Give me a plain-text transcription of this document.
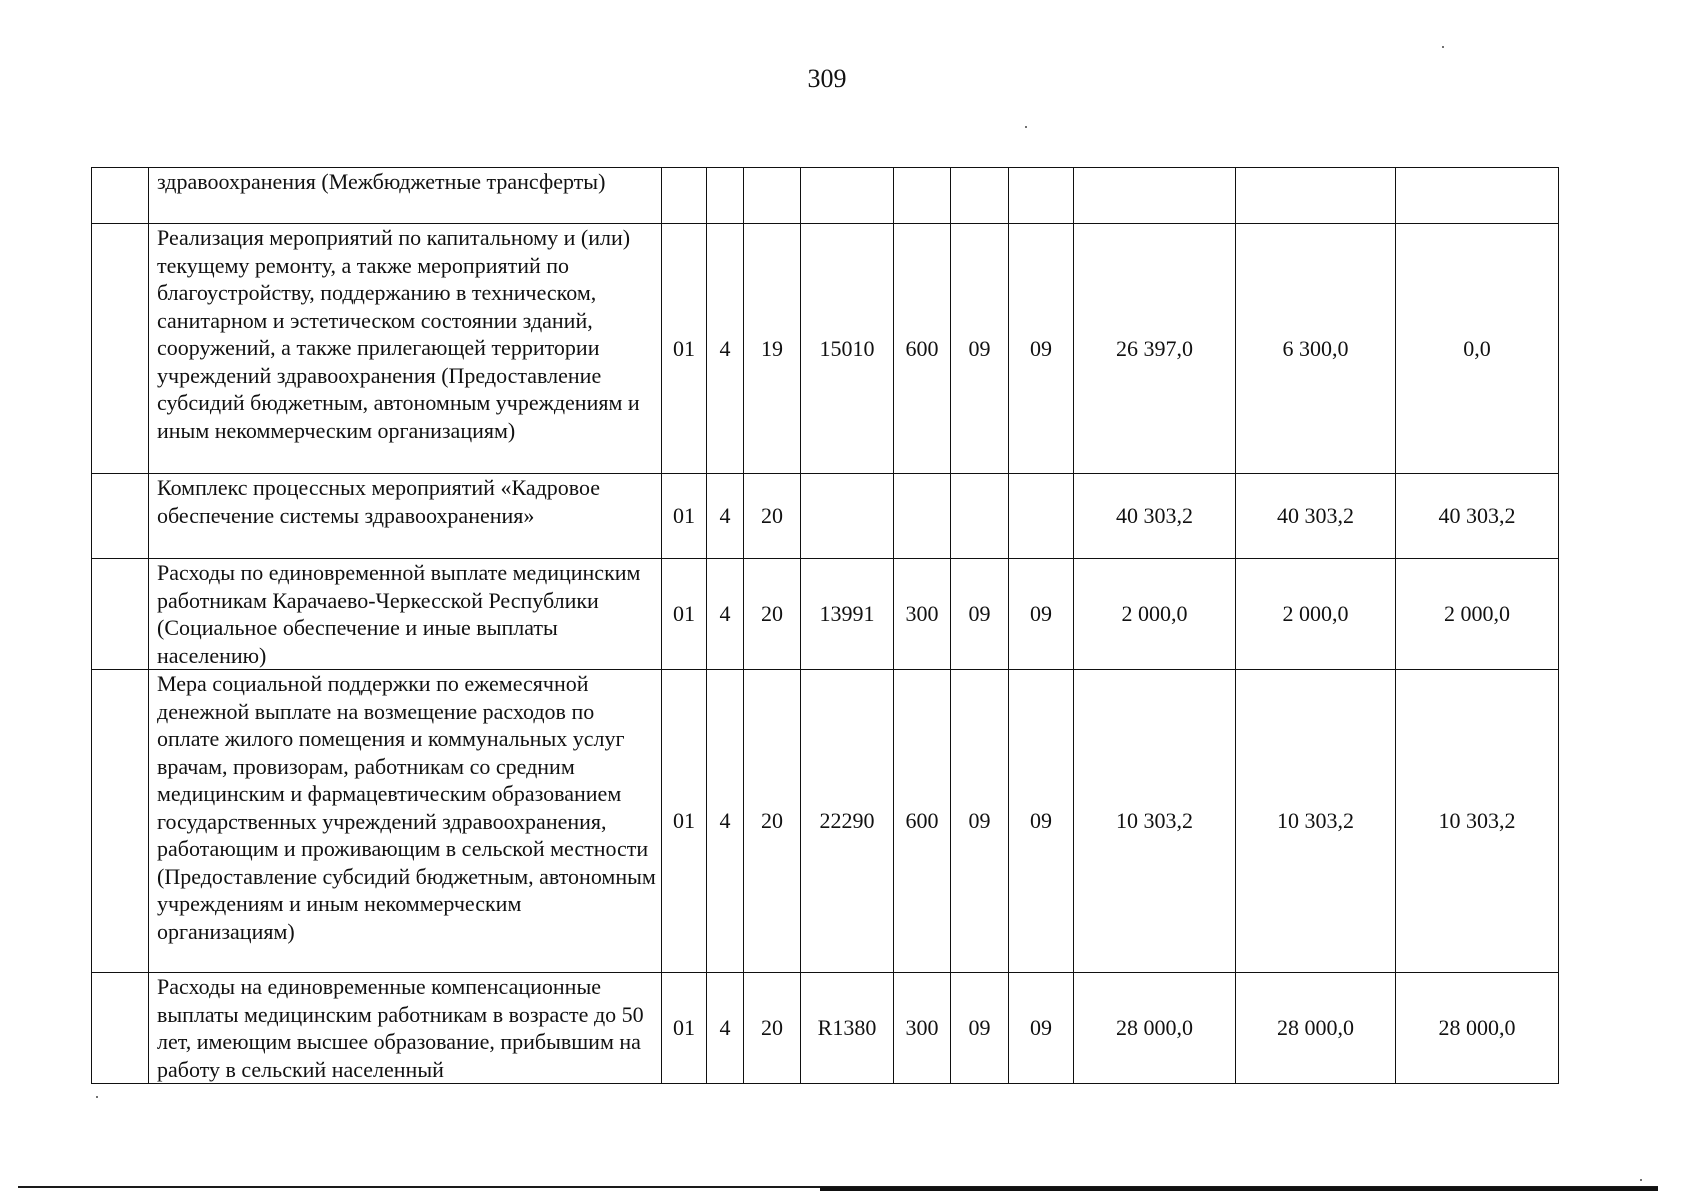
309
	здравоохранения (Межбюджетные трансферты)										
	Реализация мероприятий по капитальному и (или) текущему ремонту, а также мероприятий по благоустройству, поддержанию в техническом, санитарном и эстетическом состоянии зданий, сооружений, а также прилегающей территории учреждений здравоохранения (Предоставление субсидий бюджетным, автономным учреждениям и иным некоммерческим организациям)	01	4	19	15010	600	09	09	26 397,0	6 300,0	0,0
	Комплекс процессных мероприятий «Кадровое обеспечение системы здравоохранения»	01	4	20					40 303,2	40 303,2	40 303,2
	Расходы по единовременной выплате медицинским работникам Карачаево-Черкесской Республики (Социальное обеспечение и иные выплаты населению)	01	4	20	13991	300	09	09	2 000,0	2 000,0	2 000,0
	Мера социальной поддержки по ежемесячной денежной выплате на возмещение расходов по оплате жилого помещения и коммунальных услуг врачам, провизорам, работникам со средним медицинским и фармацевтическим образованием государственных учреждений здравоохранения, работающим и проживающим в сельской местности (Предоставление субсидий бюджетным, автономным учреждениям и иным некоммерческим организациям)	01	4	20	22290	600	09	09	10 303,2	10 303,2	10 303,2
	Расходы на единовременные компенсационные выплаты медицинским работникам в возрасте до 50 лет, имеющим высшее образование, прибывшим на работу в сельский населенный	01	4	20	R1380	300	09	09	28 000,0	28 000,0	28 000,0
